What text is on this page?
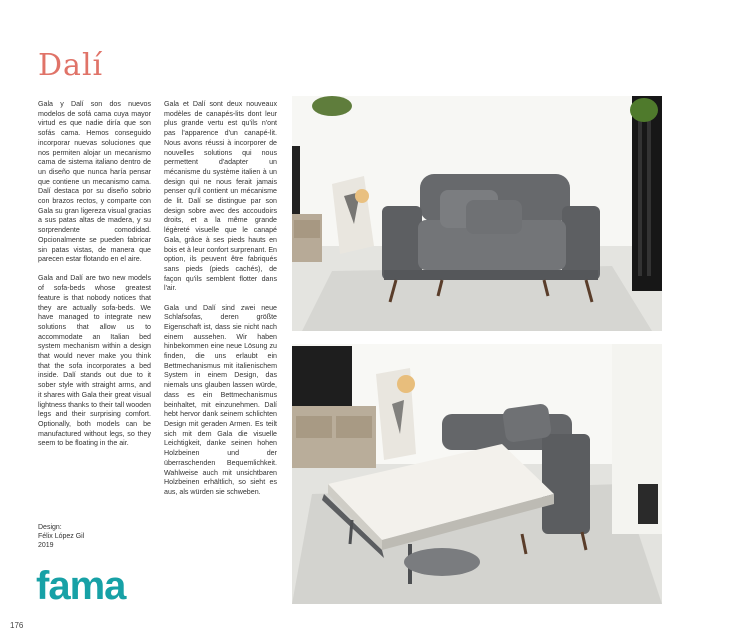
Dalí

Gala y Dalí son dos nuevos modelos de sofá cama cuya mayor virtud es que nadie diría que son sofás cama. Hemos conseguido incorporar nuevas soluciones que nos permiten alojar un mecanismo cama de sistema italiano dentro de un diseño que nunca haría pensar que contiene un mecanismo cama. Dalí destaca por su diseño sobrio con brazos rectos, y comparte con Gala su gran ligereza visual gracias a sus patas altas de madera, y su sorprendente comodidad. Opcionalmente se pueden fabricar sin patas vistas, de manera que parecen estar flotando en el aire.

Gala and Dalí are two new models of sofa-beds whose greatest feature is that nobody notices that they are actually sofa-beds. We have managed to integrate new solutions that allow us to accommodate an Italian bed system mechanism within a design that would never make you think that the sofa incorporates a bed inside. Dalí stands out due to it sober style with straight arms, and it shares with Gala their great visual lightness thanks to their tall wooden legs and their surprising comfort. Optionally, both models can be manufactured without legs, so they seem to be floating in the air.

Gala et Dalí sont deux nouveaux modèles de canapés-lits dont leur plus grande vertu est qu'ils n'ont pas l'apparence d'un canapé-lit. Nous avons réussi à incorporer de nouvelles solutions qui nous permettent d'adapter un mécanisme du système italien à un design qui ne nous ferait jamais penser qu'il contient un mécanisme de lit. Dalí se distingue par son design sobre avec des accoudoirs droits, et a la même grande légèreté visuelle que le canapé Gala, grâce à ses pieds hauts en bois et à leur confort surprenant. En option, ils peuvent être fabriqués sans pieds (pieds cachés), de façon qu'ils semblent flotter dans l'air.

Gala und Dalí sind zwei neue Schlafsofas, deren größte Eigenschaft ist, dass sie nicht nach einem aussehen. Wir haben hinbekommen eine neue Lösung zu finden, die uns erlaubt ein Bettmechanismus mit italienischem System in einem Design, das niemals uns glauben lassen würde, dass es ein Bettmechanismus beinhaltet, mit einzunehmen. Dalí hebt hervor dank seinem schlichten Design mit geraden Armen. Es teilt sich mit dem Gala die visuelle Leichtigkeit, danke seinen hohen Holzbeinen und der überraschenden Bequemlichkeit. Wahlweise auch mit unsichtbaren Holzbeinen erhältlich, so sieht es aus, als würden sie schweben.

Design:
Félix López Gil
2019
fama
176
